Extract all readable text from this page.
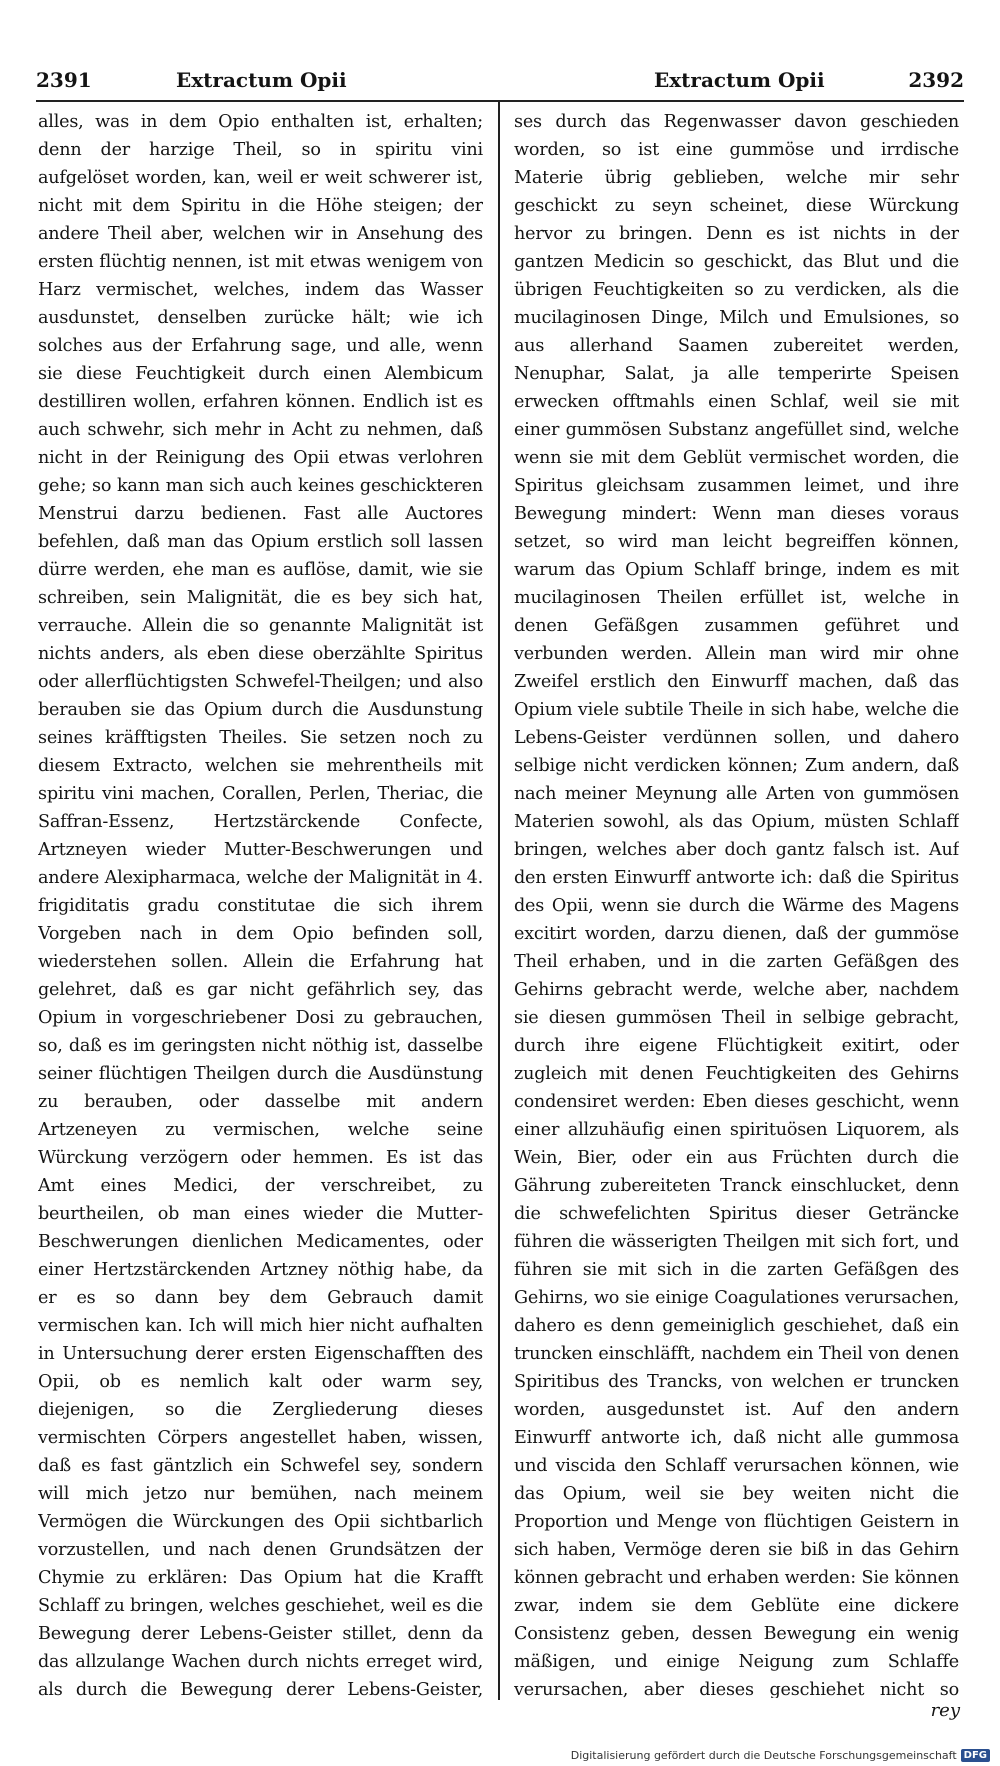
2391	Extractum Opii	Extractum Opii	2392

alles, was in dem Opio enthalten ist, erhalten; denn der harzige Theil, so in spiritu vini aufgelöset worden, kan, weil er weit schwerer ist, nicht mit dem Spiritu in die Höhe steigen; der andere Theil aber, welchen wir in Ansehung des ersten flüchtig nennen, ist mit etwas wenigem von Harz vermischet, welches, indem das Wasser ausdunstet, denselben zurücke hält; wie ich solches aus der Erfahrung sage, und alle, wenn sie diese Feuchtigkeit durch einen Alembicum destilliren wollen, erfahren können. Endlich ist es auch schwehr, sich mehr in Acht zu nehmen, daß nicht in der Reinigung des Opii etwas verlohren gehe; so kann man sich auch keines geschickteren Menstrui darzu bedienen. Fast alle Auctores befehlen, daß man das Opium erstlich soll lassen dürre werden, ehe man es auflöse, damit, wie sie schreiben, sein Malignität, die es bey sich hat, verrauche. Allein die so genannte Malignität ist nichts anders, als eben diese oberzählte Spiritus oder allerflüchtigsten Schwefel-Theilgen; und also berauben sie das Opium durch die Ausdunstung seines kräfftigsten Theiles. Sie setzen noch zu diesem Extracto, welchen sie mehrentheils mit spiritu vini machen, Corallen, Perlen, Theriac, die Saffran-Essenz, Hertzstärckende Confecte, Artzneyen wieder Mutter-Beschwerungen und andere Alexipharmaca, welche der Malignität in 4. frigiditatis gradu constitutae die sich ihrem Vorgeben nach in dem Opio befinden soll, wiederstehen sollen. Allein die Erfahrung hat gelehret, daß es gar nicht gefährlich sey, das Opium in vorgeschriebener Dosi zu gebrauchen, so, daß es im geringsten nicht nöthig ist, dasselbe seiner flüchtigen Theilgen durch die Ausdünstung zu berauben, oder dasselbe mit andern Artzeneyen zu vermischen, welche seine Würckung verzögern oder hemmen. Es ist das Amt eines Medici, der verschreibet, zu beurtheilen, ob man eines wieder die Mutter-Beschwerungen dienlichen Medicamentes, oder einer Hertzstärckenden Artzney nöthig habe, da er es so dann bey dem Gebrauch damit vermischen kan. Ich will mich hier nicht aufhalten in Untersuchung derer ersten Eigenschafften des Opii, ob es nemlich kalt oder warm sey, diejenigen, so die Zergliederung dieses vermischten Cörpers angestellet haben, wissen, daß es fast gäntzlich ein Schwefel sey, sondern will mich jetzo nur bemühen, nach meinem Vermögen die Würckungen des Opii sichtbarlich vorzustellen, und nach denen Grundsätzen der Chymie zu erklären: Das Opium hat die Krafft Schlaff zu bringen, welches geschiehet, weil es die Bewegung derer Lebens-Geister stillet, denn da das allzulange Wachen durch nichts erreget wird, als durch die Bewegung derer Lebens-Geister,

ses durch das Regenwasser davon geschieden worden, so ist eine gummöse und irrdische Materie übrig geblieben, welche mir sehr geschickt zu seyn scheinet, diese Würckung hervor zu bringen. Denn es ist nichts in der gantzen Medicin so geschickt, das Blut und die übrigen Feuchtigkeiten so zu verdicken, als die mucilaginosen Dinge, Milch und Emulsiones, so aus allerhand Saamen zubereitet werden, Nenuphar, Salat, ja alle temperirte Speisen erwecken offtmahls einen Schlaf, weil sie mit einer gummösen Substanz angefüllet sind, welche wenn sie mit dem Geblüt vermischet worden, die Spiritus gleichsam zusammen leimet, und ihre Bewegung mindert: Wenn man dieses voraus setzet, so wird man leicht begreiffen können, warum das Opium Schlaff bringe, indem es mit mucilaginosen Theilen erfüllet ist, welche in denen Gefäßgen zusammen geführet und verbunden werden. Allein man wird mir ohne Zweifel erstlich den Einwurff machen, daß das Opium viele subtile Theile in sich habe, welche die Lebens-Geister verdünnen sollen, und dahero selbige nicht verdicken können; Zum andern, daß nach meiner Meynung alle Arten von gummösen Materien sowohl, als das Opium, müsten Schlaff bringen, welches aber doch gantz falsch ist. Auf den ersten Einwurff antworte ich: daß die Spiritus des Opii, wenn sie durch die Wärme des Magens excitirt worden, darzu dienen, daß der gummöse Theil erhaben, und in die zarten Gefäßgen des Gehirns gebracht werde, welche aber, nachdem sie diesen gummösen Theil in selbige gebracht, durch ihre eigene Flüchtigkeit exitirt, oder zugleich mit denen Feuchtigkeiten des Gehirns condensiret werden: Eben dieses geschicht, wenn einer allzuhäufig einen spirituösen Liquorem, als Wein, Bier, oder ein aus Früchten durch die Gährung zubereiteten Tranck einschlucket, denn die schwefelichten Spiritus dieser Geträncke führen die wässerigten Theilgen mit sich fort, und führen sie mit sich in die zarten Gefäßgen des Gehirns, wo sie einige Coagulationes verursachen, dahero es denn gemeiniglich geschiehet, daß ein truncken einschläfft, nachdem ein Theil von denen Spiritibus des Trancks, von welchen er truncken worden, ausgedunstet ist. Auf den andern Einwurff antworte ich, daß nicht alle gummosa und viscida den Schlaff verursachen können, wie das Opium, weil sie bey weiten nicht die Proportion und Menge von flüchtigen Geistern in sich haben, Vermöge deren sie biß in das Gehirn können gebracht und erhaben werden: Sie können zwar, indem sie dem Geblüte eine dickere Consistenz geben, dessen Bewegung ein wenig mäßigen, und einige Neigung zum Schlaffe verursachen, aber dieses geschiehet nicht so

rey
Digitalisierung gefördert durch die Deutsche Forschungsgemeinschaft DFG
